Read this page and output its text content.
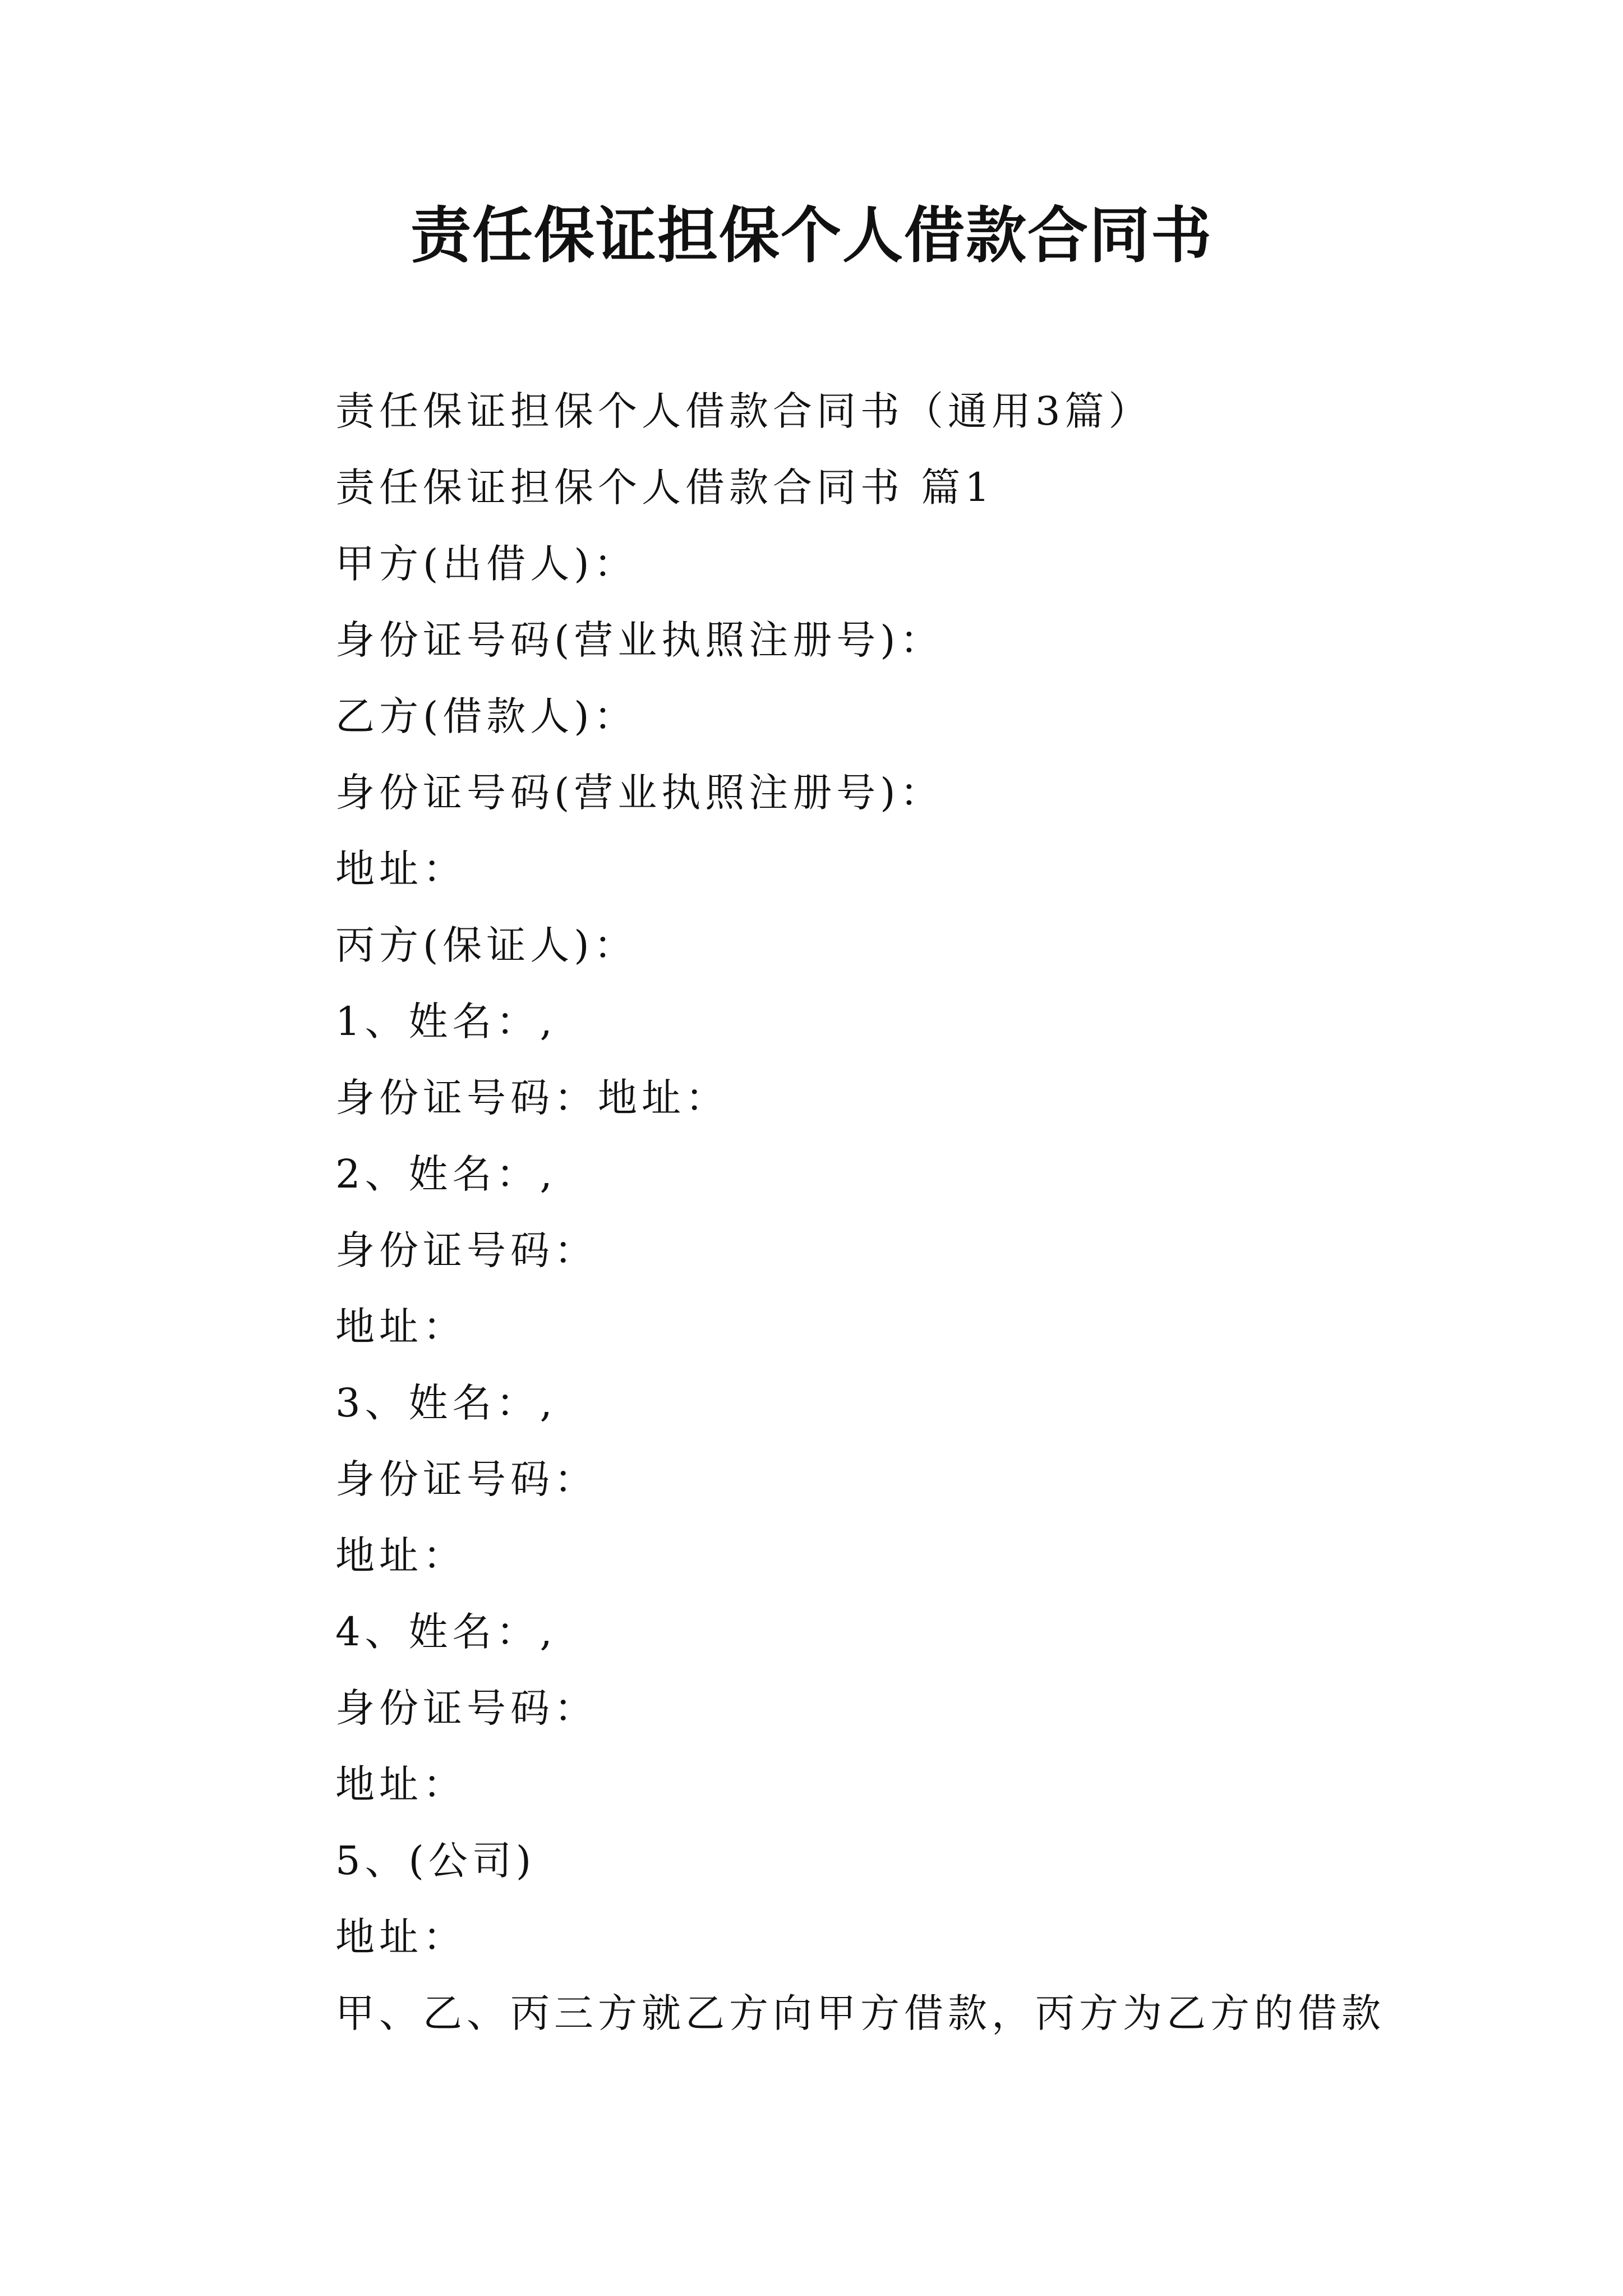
责任保证担保个人借款合同书
责任保证担保个人借款合同书（通用3篇）
责任保证担保个人借款合同书 篇1
甲方(出借人)：
身份证号码(营业执照注册号)：
乙方(借款人)：
身份证号码(营业执照注册号)：
地址：
丙方(保证人)：
1、姓名：,
身份证号码：地址：
2、姓名：,
身份证号码：
地址：
3、姓名：,
身份证号码：
地址：
4、姓名：,
身份证号码：
地址：
5、(公司)
地址：
甲、乙、丙三方就乙方向甲方借款，丙方为乙方的借款
